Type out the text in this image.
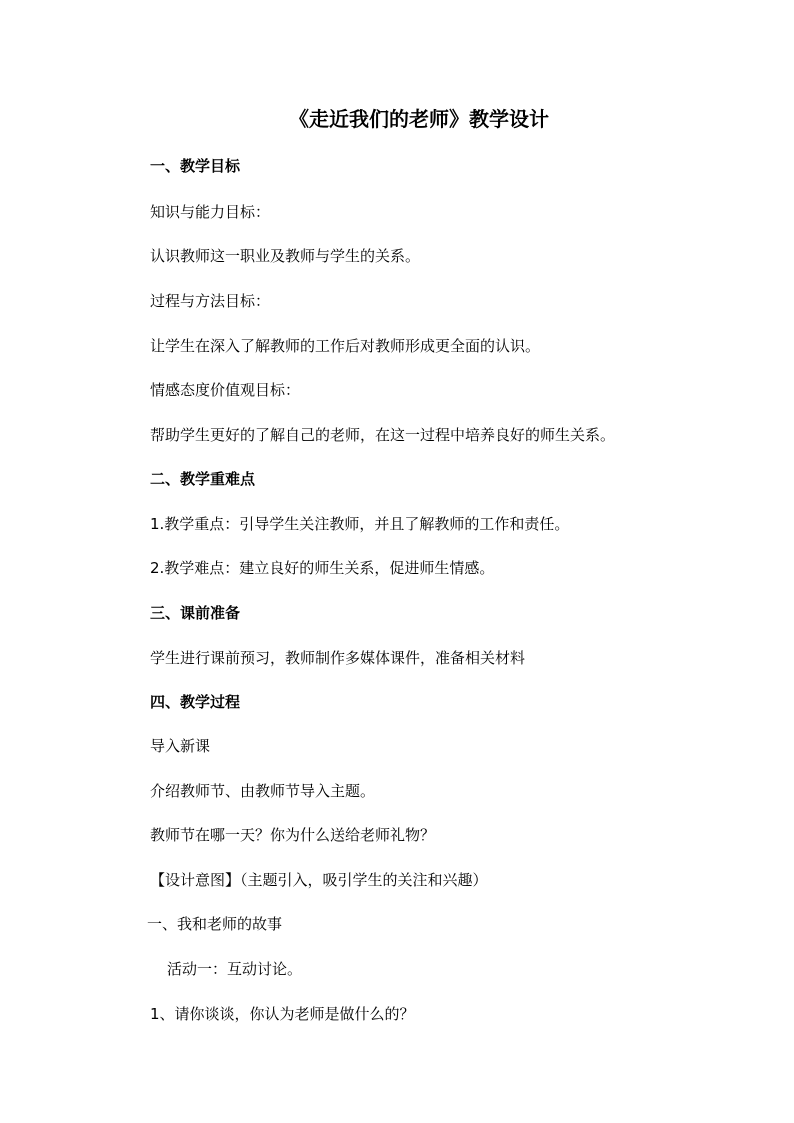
《走近我们的老师》教学设计
一、教学目标
知识与能力目标：
认识教师这一职业及教师与学生的关系。
过程与方法目标：
让学生在深入了解教师的工作后对教师形成更全面的认识。
情感态度价值观目标：
帮助学生更好的了解自己的老师，在这一过程中培养良好的师生关系。
二、教学重难点
1.教学重点：引导学生关注教师，并且了解教师的工作和责任。
2.教学难点：建立良好的师生关系，促进师生情感。
三、课前准备
学生进行课前预习，教师制作多媒体课件，准备相关材料
四、教学过程
导入新课
介绍教师节、由教师节导入主题。
教师节在哪一天？你为什么送给老师礼物？
【设计意图】（主题引入，吸引学生的关注和兴趣）
一、我和老师的故事
活动一：互动讨论。
1、请你谈谈，你认为老师是做什么的？
